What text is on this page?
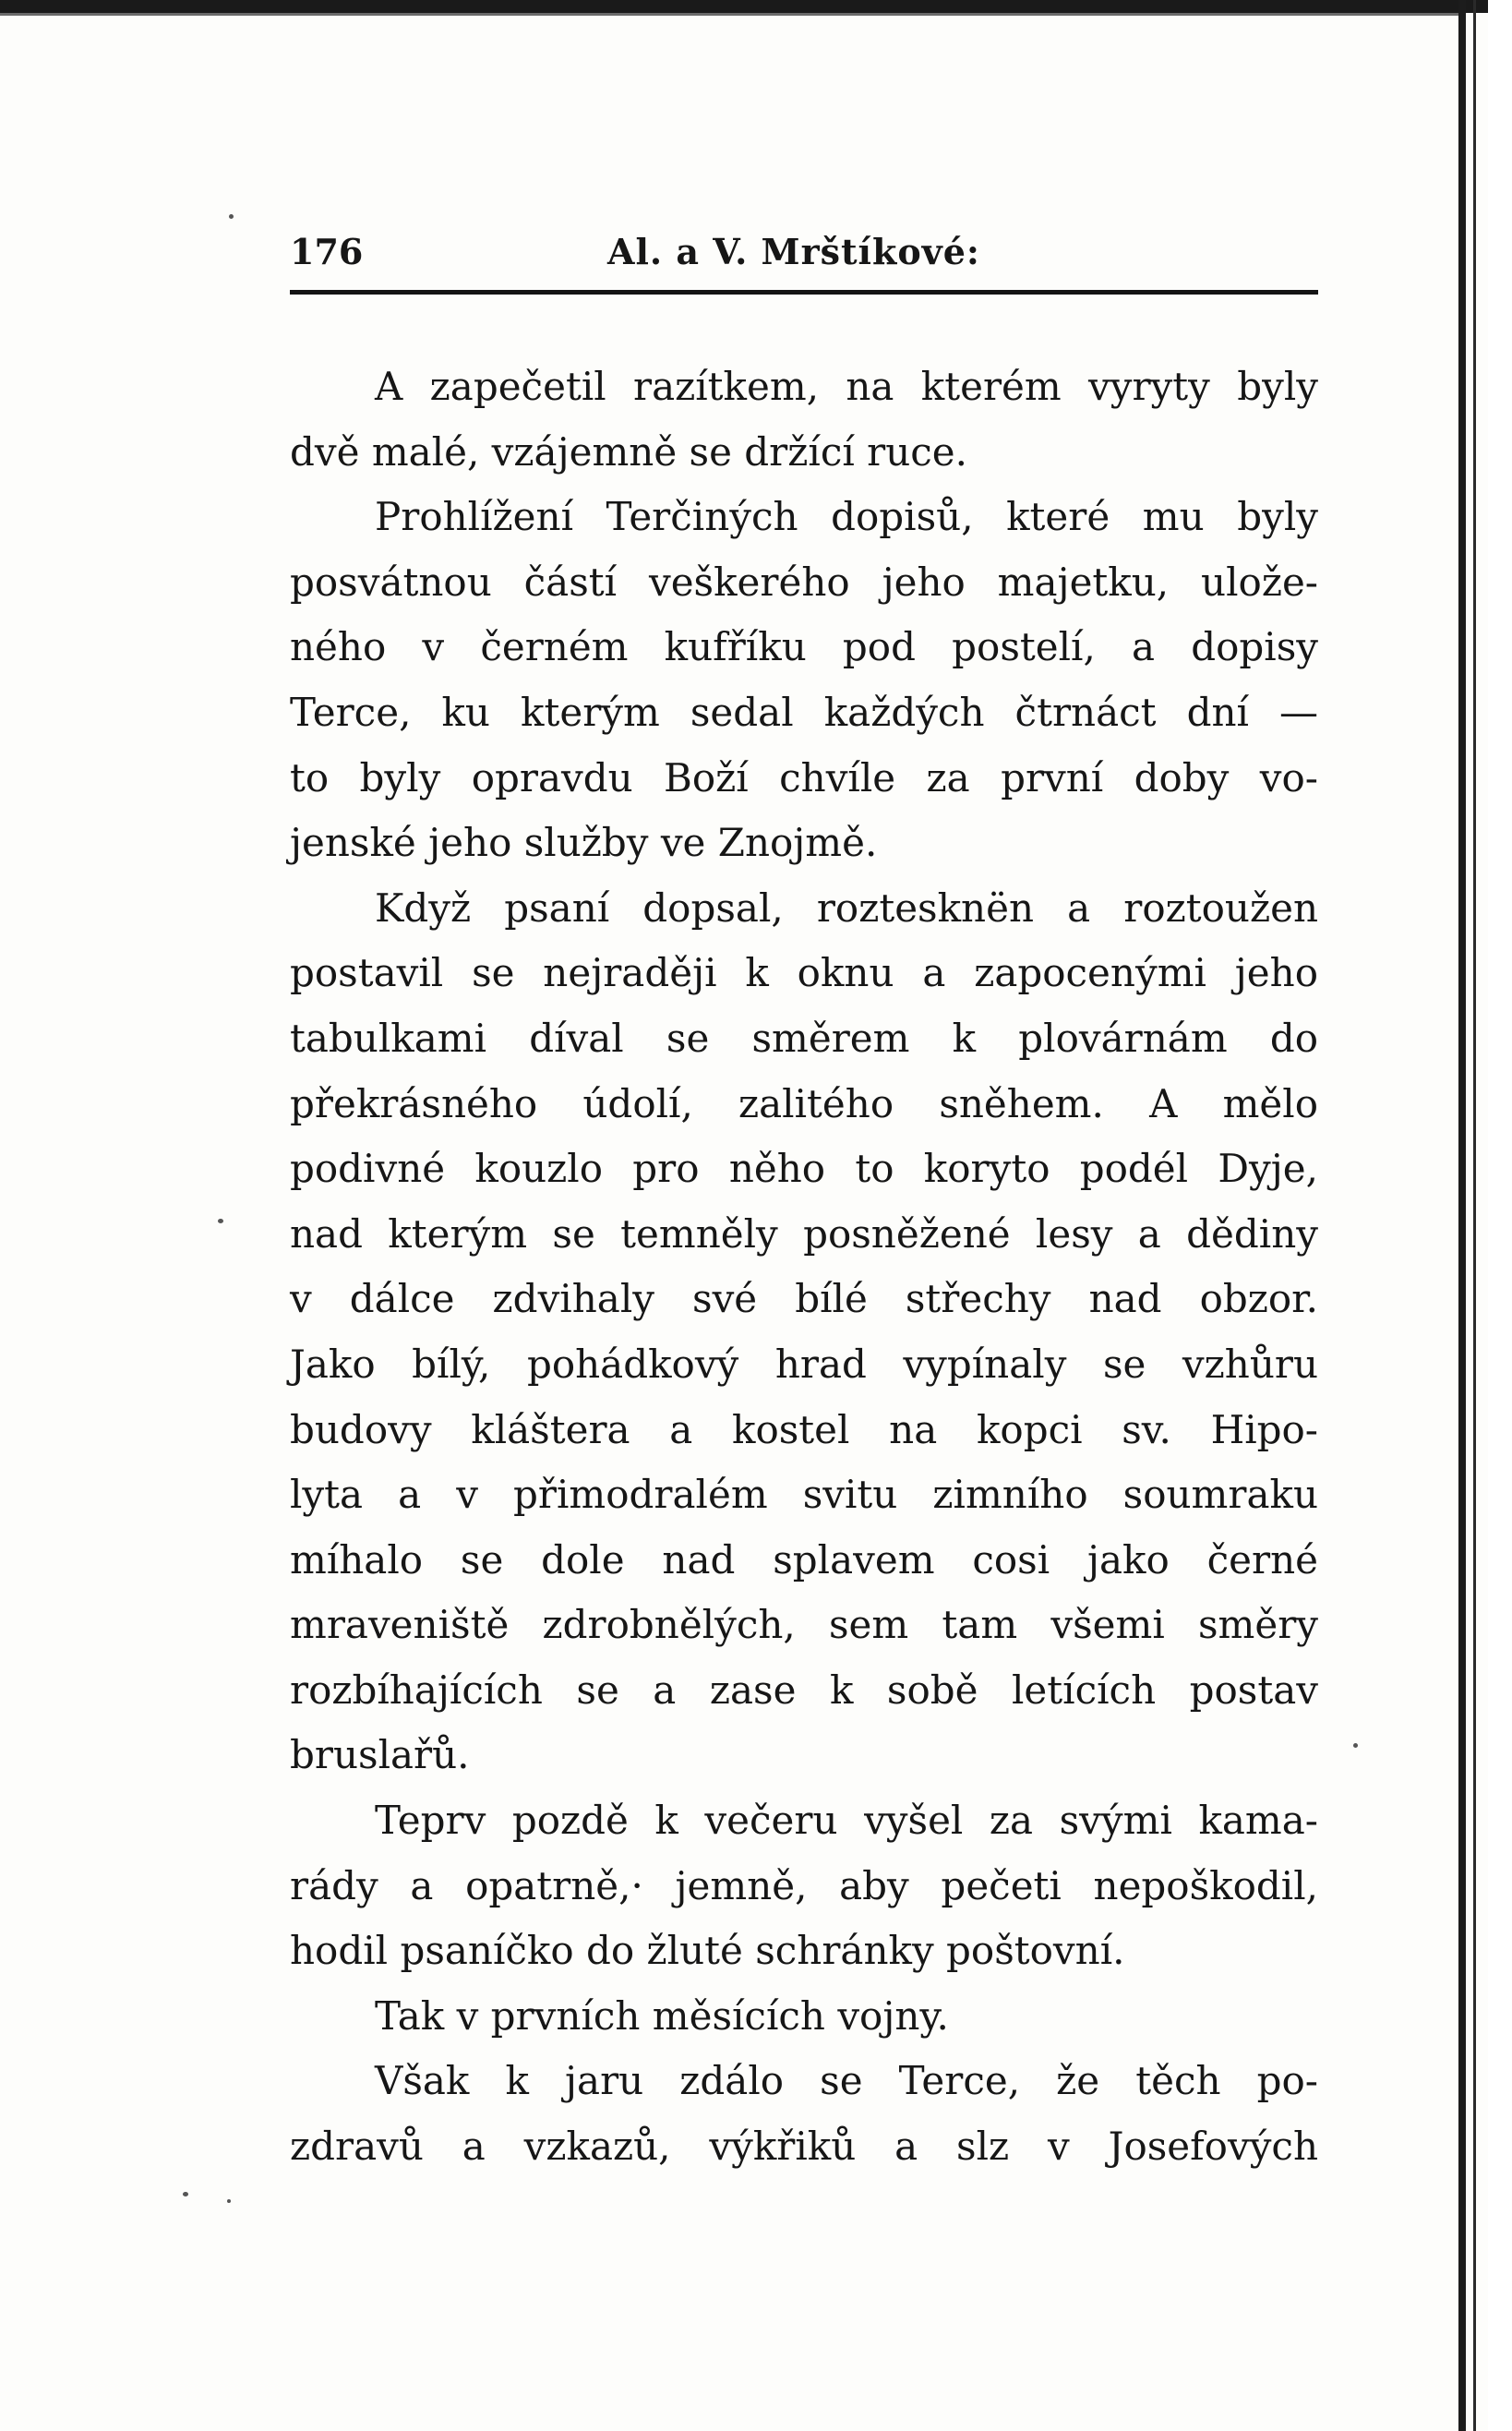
176	Al. a V. Mrštíkové:
A zapečetil razítkem, na kterém vyryty byly
dvě malé, vzájemně se držící ruce.
Prohlížení Terčiných dopisů, které mu byly
posvátnou částí veškerého jeho majetku, ulože-
ného v černém kufříku pod postelí, a dopisy
Terce, ku kterým sedal každých čtrnáct dní —
to byly opravdu Boží chvíle za první doby vo-
jenské jeho služby ve Znojmě.
Když psaní dopsal, roztesknën a roztoužen
postavil se nejraději k oknu a zapocenými jeho
tabulkami díval se směrem k plovárnám do
překrásného údolí, zalitého sněhem. A mělo
podivné kouzlo pro něho to koryto podél Dyje,
nad kterým se temněly posněžené lesy a dědiny
v dálce zdvihaly své bílé střechy nad obzor.
Jako bílý, pohádkový hrad vypínaly se vzhůru
budovy kláštera a kostel na kopci sv. Hipo-
lyta a v přimodralém svitu zimního soumraku
míhalo se dole nad splavem cosi jako černé
mraveniště zdrobnělých, sem tam všemi směry
rozbíhajících se a zase k sobě letících postav
bruslařů.
Teprv pozdě k večeru vyšel za svými kama-
rády a opatrně,· jemně, aby pečeti nepoškodil,
hodil psaníčko do žluté schránky poštovní.
Tak v prvních měsících vojny.
Však k jaru zdálo se Terce, že těch po-
zdravů a vzkazů, výkřiků a slz v Josefových
